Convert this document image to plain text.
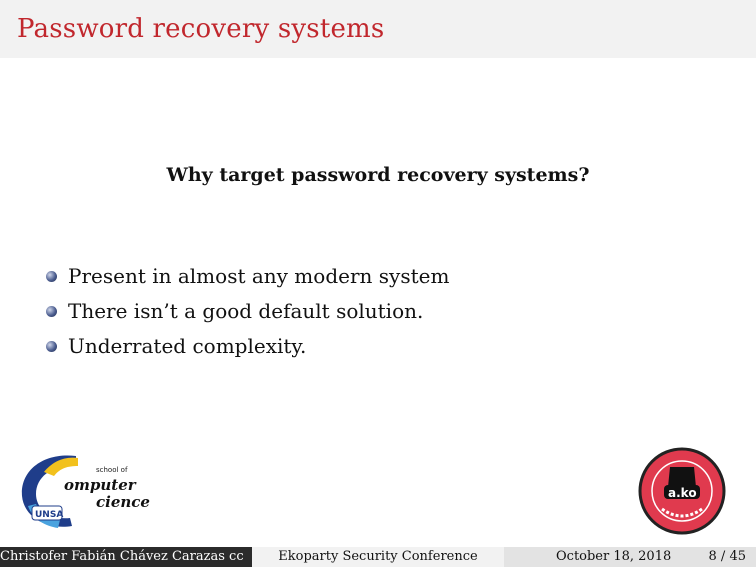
Password recovery systems
Why target password recovery systems?
Present in almost any modern system
There isn’t a good default solution.
Underrated complexity.
school of
omputer
cience
UNSA
a.ko
Christofer Fabián Chávez Carazas cc	Ekoparty Security Conference	October 18, 2018	8 / 45
